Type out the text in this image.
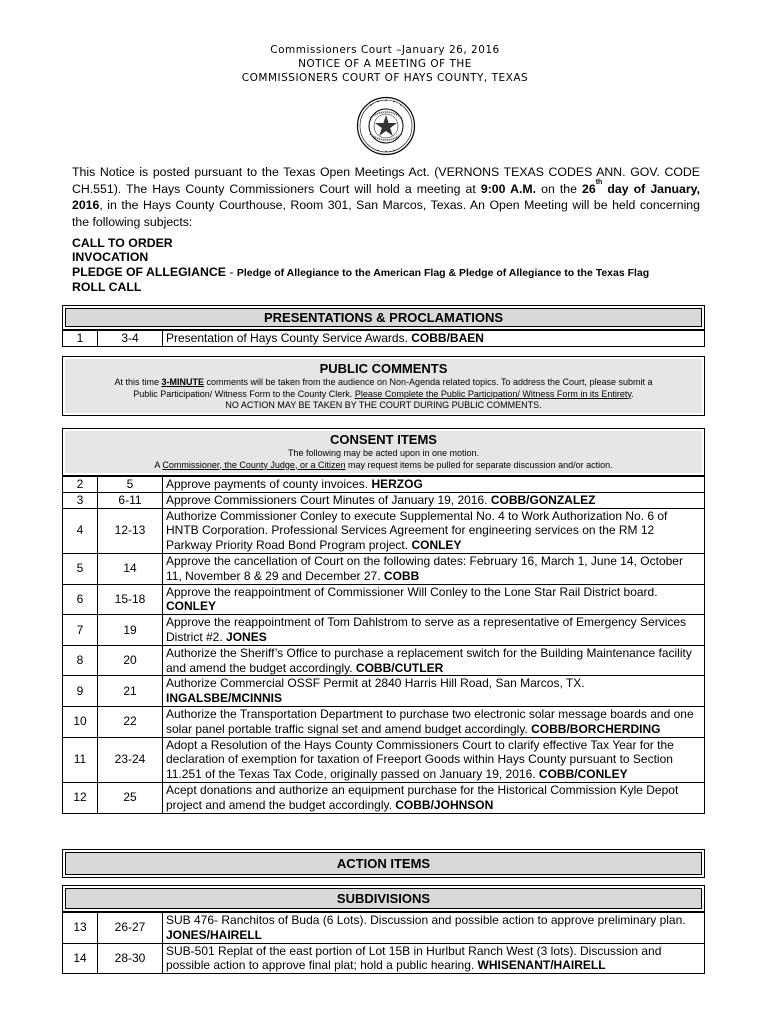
Commissioners Court –January 26, 2016
NOTICE OF A MEETING OF THE
COMMISSIONERS COURT OF HAYS COUNTY, TEXAS
This Notice is posted pursuant to the Texas Open Meetings Act. (VERNONS TEXAS CODES ANN. GOV. CODE CH.551). The Hays County Commissioners Court will hold a meeting at 9:00 A.M. on the 26th day of January, 2016, in the Hays County Courthouse, Room 301, San Marcos, Texas. An Open Meeting will be held concerning the following subjects:
CALL TO ORDER
INVOCATION
PLEDGE OF ALLEGIANCE - Pledge of Allegiance to the American Flag & Pledge of Allegiance to the Texas Flag
ROLL CALL
PRESENTATIONS & PROCLAMATIONS
1	3-4	Presentation of Hays County Service Awards. COBB/BAEN
PUBLIC COMMENTS
At this time 3-MINUTE comments will be taken from the audience on Non-Agenda related topics. To address the Court, please submit a
Public Participation/ Witness Form to the County Clerk. Please Complete the Public Participation/ Witness Form in its Entirety.
NO ACTION MAY BE TAKEN BY THE COURT DURING PUBLIC COMMENTS.
CONSENT ITEMS
The following may be acted upon in one motion.
A Commissioner, the County Judge, or a Citizen may request items be pulled for separate discussion and/or action.
2	5	Approve payments of county invoices. HERZOG
3	6-11	Approve Commissioners Court Minutes of January 19, 2016. COBB/GONZALEZ
4	12-13	Authorize Commissioner Conley to execute Supplemental No. 4 to Work Authorization No. 6 of HNTB Corporation. Professional Services Agreement for engineering services on the RM 12 Parkway Priority Road Bond Program project. CONLEY
5	14	Approve the cancellation of Court on the following dates: February 16, March 1, June 14, October 11, November 8 & 29 and December 27. COBB
6	15-18	Approve the reappointment of Commissioner Will Conley to the Lone Star Rail District board. CONLEY
7	19	Approve the reappointment of Tom Dahlstrom to serve as a representative of Emergency Services District #2. JONES
8	20	Authorize the Sheriff’s Office to purchase a replacement switch for the Building Maintenance facility and amend the budget accordingly. COBB/CUTLER
9	21	Authorize Commercial OSSF Permit at 2840 Harris Hill Road, San Marcos, TX. INGALSBE/MCINNIS
10	22	Authorize the Transportation Department to purchase two electronic solar message boards and one solar panel portable traffic signal set and amend budget accordingly. COBB/BORCHERDING
11	23-24	Adopt a Resolution of the Hays County Commissioners Court to clarify effective Tax Year for the declaration of exemption for taxation of Freeport Goods within Hays County pursuant to Section 11.251 of the Texas Tax Code, originally passed on January 19, 2016. COBB/CONLEY
12	25	Acept donations and authorize an equipment purchase for the Historical Commission Kyle Depot project and amend the budget accordingly. COBB/JOHNSON
ACTION ITEMS
SUBDIVISIONS
13	26-27	SUB 476- Ranchitos of Buda (6 Lots). Discussion and possible action to approve preliminary plan. JONES/HAIRELL
14	28-30	SUB-501 Replat of the east portion of Lot 15B in Hurlbut Ranch West (3 lots). Discussion and possible action to approve final plat; hold a public hearing. WHISENANT/HAIRELL
